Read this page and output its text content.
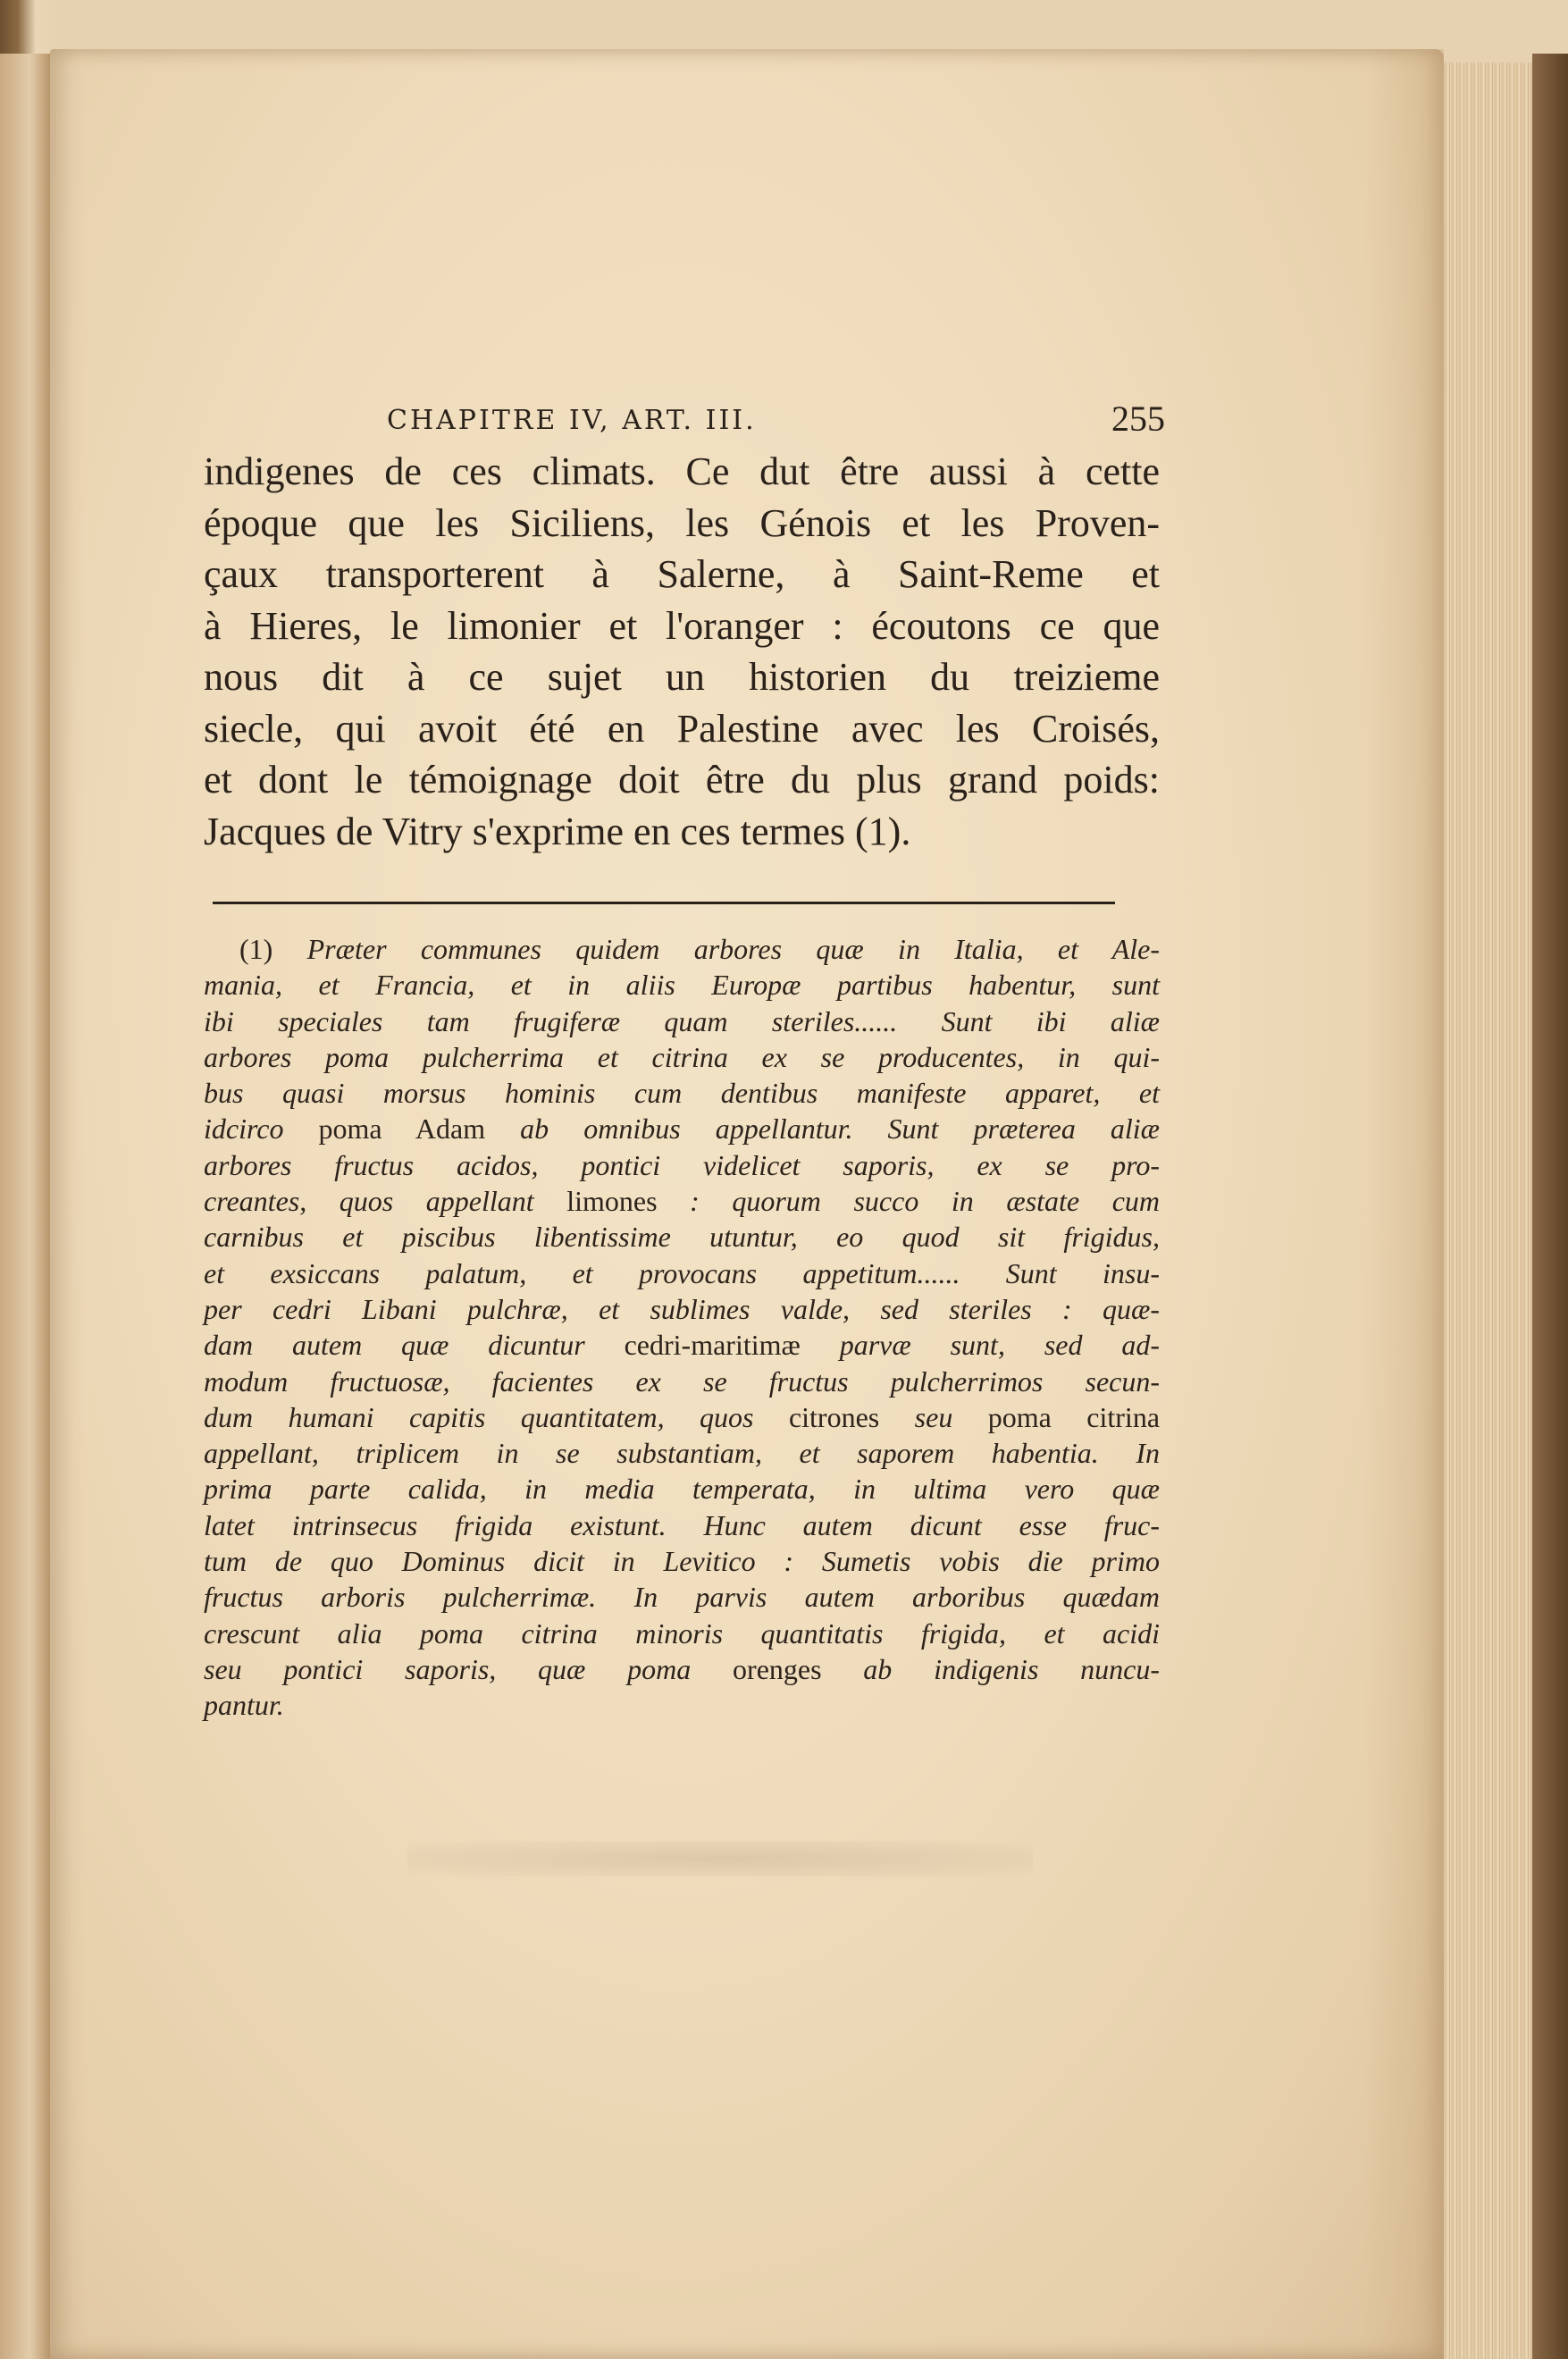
CHAPITRE IV, ART. III.	255
indigenes de ces climats. Ce dut être aussi à cette
époque que les Siciliens, les Génois et les Proven-
çaux transporterent à Salerne, à Saint-Reme et
à Hieres, le limonier et l'oranger : écoutons ce que
nous dit à ce sujet un historien du treizieme
siecle, qui avoit été en Palestine avec les Croisés,
et dont le témoignage doit être du plus grand poids:
Jacques de Vitry s'exprime en ces termes (1).
(1) Præter communes quidem arbores quæ in Italia, et Ale-
mania, et Francia, et in aliis Europæ partibus habentur, sunt
ibi speciales tam frugiferæ quam steriles...... Sunt ibi aliæ
arbores poma pulcherrima et citrina ex se producentes, in qui-
bus quasi morsus hominis cum dentibus manifeste apparet, et
idcirco poma Adam ab omnibus appellantur. Sunt præterea aliæ
arbores fructus acidos, pontici videlicet saporis, ex se pro-
creantes, quos appellant limones : quorum succo in æstate cum
carnibus et piscibus libentissime utuntur, eo quod sit frigidus,
et exsiccans palatum, et provocans appetitum...... Sunt insu-
per cedri Libani pulchræ, et sublimes valde, sed steriles : quæ-
dam autem quæ dicuntur cedri-maritimæ parvæ sunt, sed ad-
modum fructuosæ, facientes ex se fructus pulcherrimos secun-
dum humani capitis quantitatem, quos citrones seu poma citrina
appellant, triplicem in se substantiam, et saporem habentia. In
prima parte calida, in media temperata, in ultima vero quæ
latet intrinsecus frigida existunt. Hunc autem dicunt esse fruc-
tum de quo Dominus dicit in Levitico : Sumetis vobis die primo
fructus arboris pulcherrimæ. In parvis autem arboribus quædam
crescunt alia poma citrina minoris quantitatis frigida, et acidi
seu pontici saporis, quæ poma orenges ab indigenis nuncu-
pantur.
